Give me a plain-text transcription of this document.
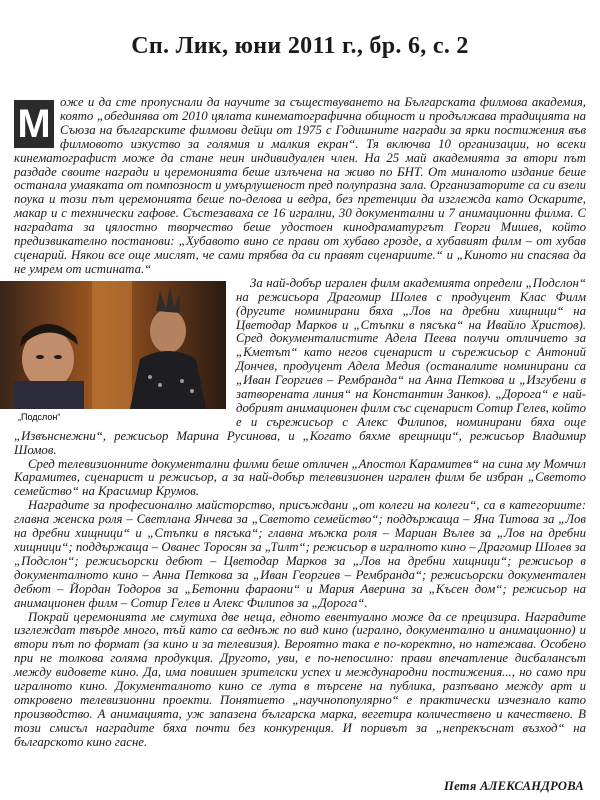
Сп. Лик, юни 2011 г., бр. 6, с. 2
М оже и да сте пропуснали да научите за съществуването на Българската филмова академия, която „обединява от 2010 цялата кинематографична общност и продължава традицията на Съюза на българските филмови дейци от 1975 с Годишните награди за ярки постижения във филмовото изкуство за голямия и малкия екран“. Тя включва 10 организации, но всеки кинематографист може да стане неин индивидуален член. На 25 май академията за втори път раздаде своите награди и церемонията беше излъчена на живо по БНТ. От миналото издание беше останала умаяката от помпозност и умърлушеност пред полупразна зала. Организаторите са си взели поука и този път церемонията беше по-делова и ведра, без претенции да изглежда като Оскарите, макар и с технически гафове. Състезаваха се 16 игрални, 30 документални и 7 анимационни филма. С наградата за цялостно творчество беше удостоен кинодраматургът Георги Мишев, който предизвикателно постанови: „Хубавото вино се прави от хубаво грозде, а хубавият филм – от хубав сценарий. Някои все още мислят, че сами трябва да си правят сценариите.“ и „Киното ни спасява да не умрем от истината.“

„Подслон“
За най-добър игрален филм академията определи „Подслон“ на режисьора Драгомир Шолев с продуцент Клас Филм (другите номинирани бяха „Лов на дребни хищници“ на Цветодар Марков и „Стъпки в пясъка“ на Ивайло Христов). Сред документалистите Адела Пеева получи отличието за „Кметът“ като негов сценарист и сърежисьор с Антоний Дончев, продуцент Адела Медия (останалите номинирани са „Иван Георгиев – Рембранда“ на Анна Петкова и „Изгубени в затворената линия“ на Константин Занков). „Дорога“ е най-добрият анимационен филм със сценарист Сотир Гелев, който е и сърежисьор с Алекс Филипов, номинирани бяха още „Извънснежни“, режисьор Марина Русинова, и „Когато бяхме врещници“, режисьор Владимир Шомов.

Сред телевизионните документални филми беше отличен „Апостол Карамитев“ на сина му Момчил Карамитев, сценарист и режисьор, а за най-добър телевизионен игрален филм бе избран „Светото семейство“ на Красимир Крумов.

Наградите за професионално майсторство, присъждани „от колеги на колеги“, са в категориите: главна женска роля – Светлана Янчева за „Светото семейство“; поддържаща – Яна Титова за „Лов на дребни хищници“ и „Стъпки в пясъка“; главна мъжка роля – Мариан Вълев за „Лов на дребни хищници“; поддържаща – Ованес Торосян за „Тилт“; режисьор в игралното кино – Драгомир Шолев за „Подслон“; режисьорски дебют – Цветодар Марков за „Лов на дребни хищници“; режисьор в документалното кино – Анна Петкова за „Иван Георгиев – Рембранда“; режисьорски документален дебют – Йордан Тодоров за „Бетонни фараони“ и Мария Аверина за „Късен дом“; режисьор на анимационен филм – Сотир Гелев и Алекс Филипов за „Дорога“.

Покрай церемонията ме смутиха две неща, едното евентуално може да се прецизира. Наградите изглеждат твърде много, тъй като са веднъж по вид кино (игрално, документално и анимационно) и втори път по формат (за кино и за телевизия). Вероятно така е по-коректно, но натежава. Особено при не толкова голяма продукция. Другото, уви, е по-непосилно: прави впечатление дисбалансът между видовете кино. Да, има повишен зрителски успех и международни постижения..., но само при игралното кино. Документалното кино се лута в търсене на публика, разпъвано между арт и откровено телевизионни проекти. Понятието „научнопопулярно“ е практически изчезнало като производство. А анимацията, уж запазена българска марка, вегетира количествено и качествено. В този смисъл наградите бяха почти без конкуренция. И поривът за „непрекъснат възход“ на българското кино гасне.

Петя АЛЕКСАНДРОВА
